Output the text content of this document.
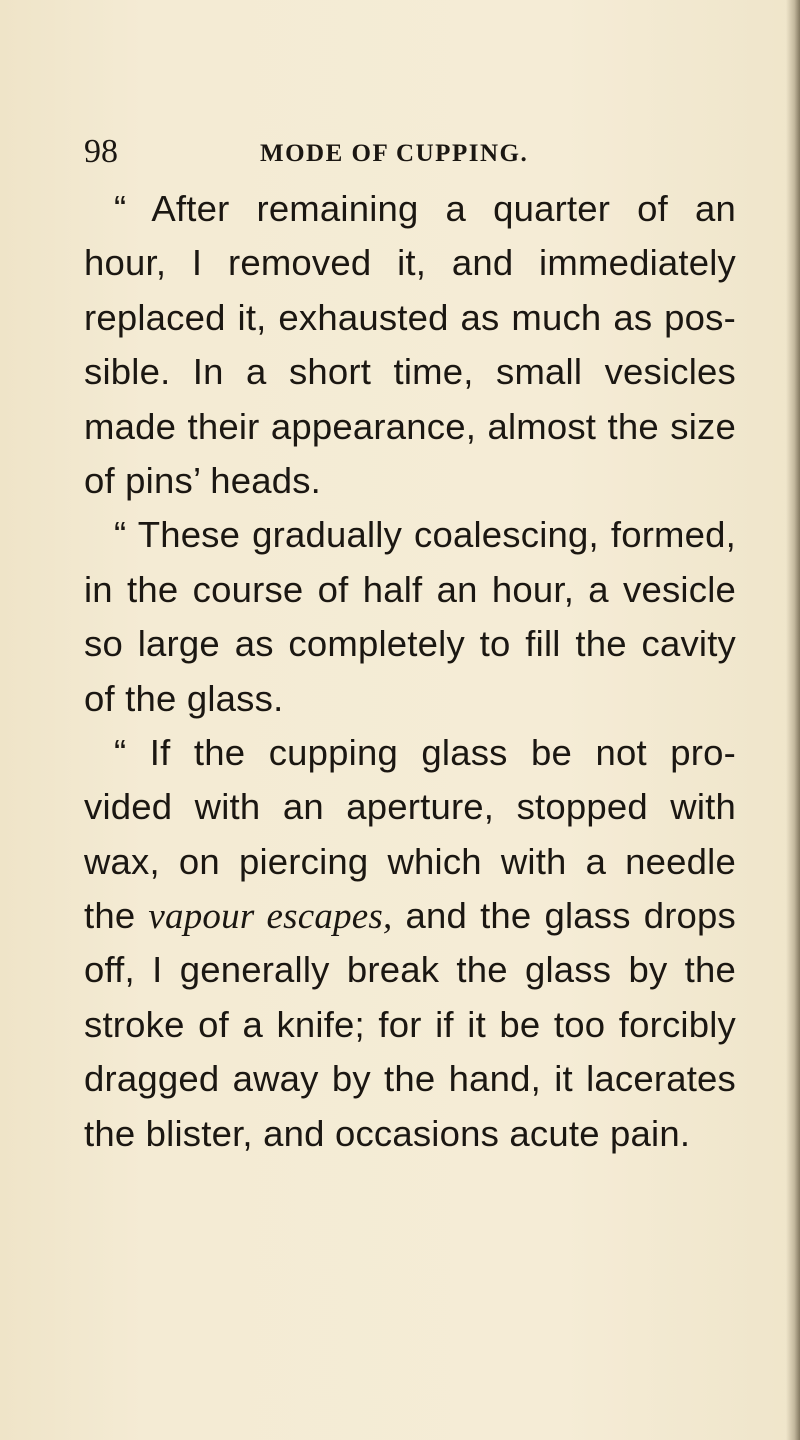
98	MODE OF CUPPING.
“ After remaining a quarter of an
hour, I removed it, and immediately
replaced it, exhausted as much as pos-
sible. In a short time, small vesicles
made their appearance, almost the size
of pins’ heads.
“ These gradually coalescing, formed,
in the course of half an hour, a vesicle
so large as completely to fill the cavity
of the glass.
“ If the cupping glass be not pro-
vided with an aperture, stopped with
wax, on piercing which with a needle
the vapour escapes, and the glass drops
off, I generally break the glass by the
stroke of a knife; for if it be too forcibly
dragged away by the hand, it lacerates
the blister, and occasions acute pain.
